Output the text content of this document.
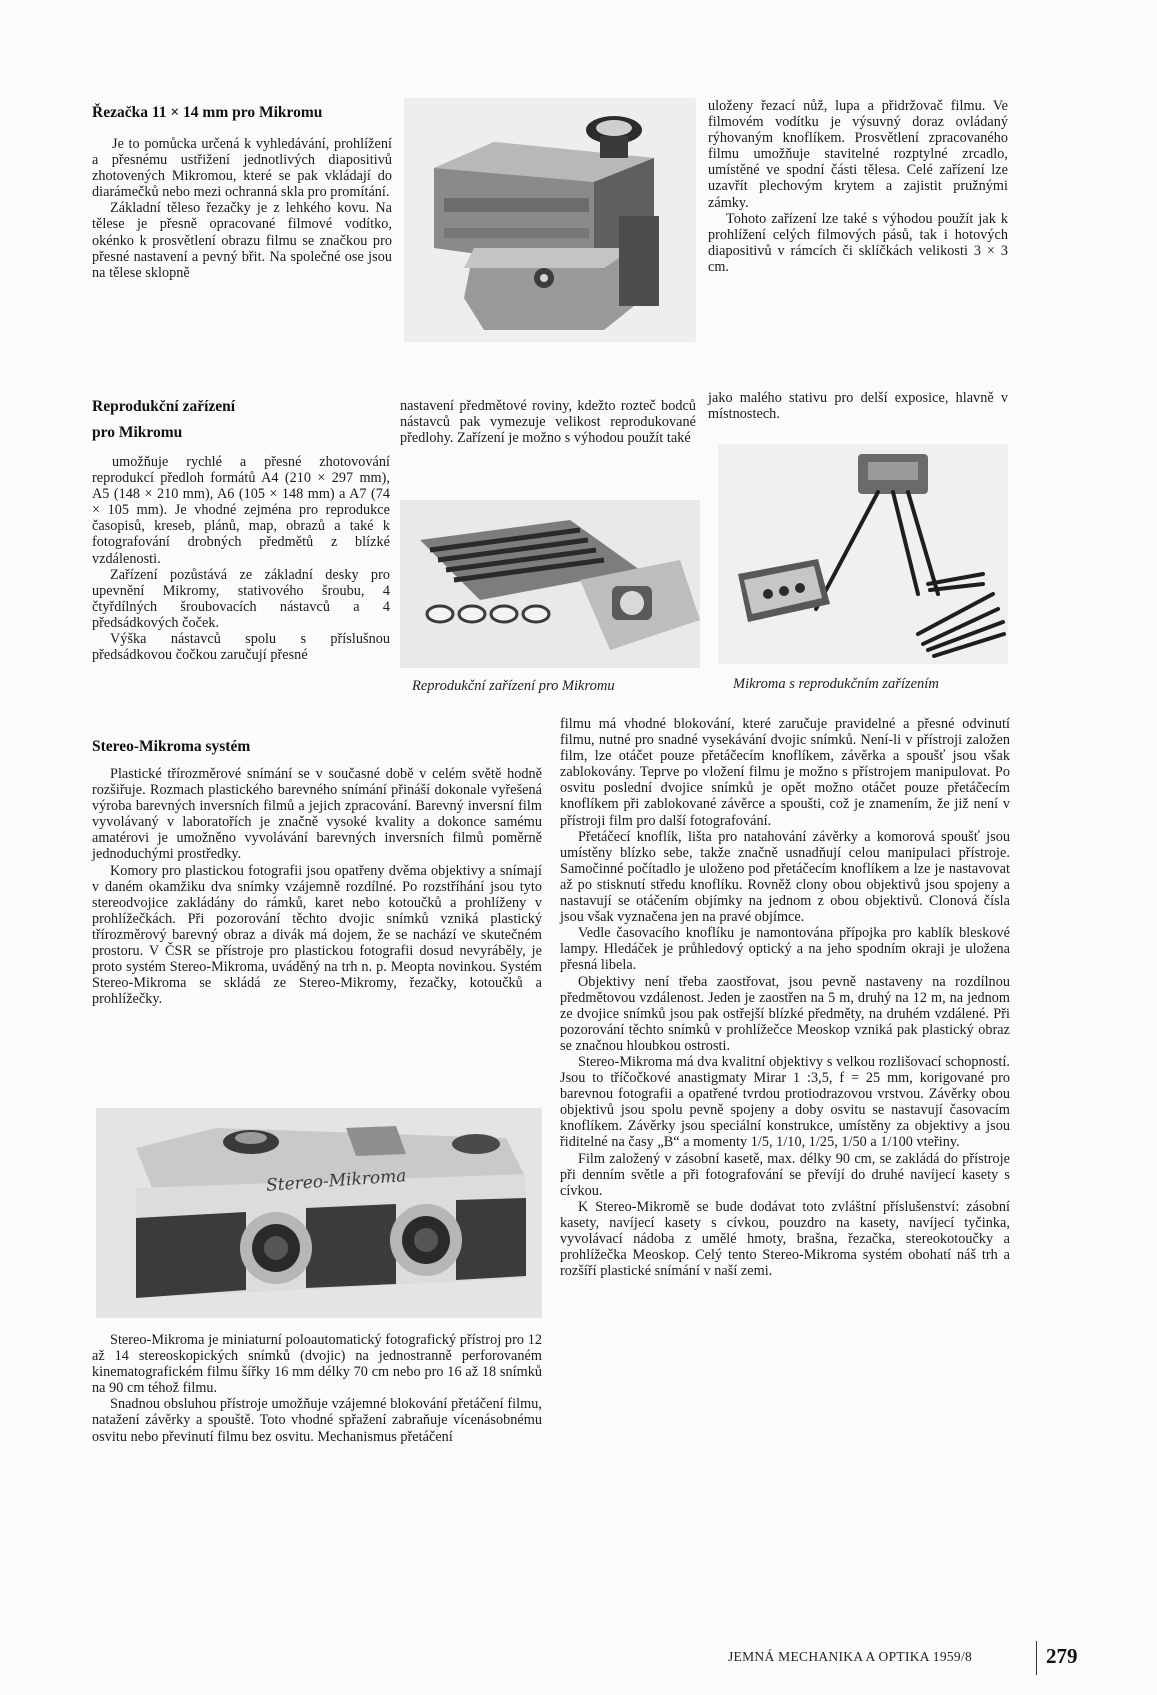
Řezačka 11 × 14 mm pro Mikromu

Je to pomůcka určená k vyhledávání, prohlížení a přesnému ustřižení jednotlivých diapositivů zhotovených Mikromou, které se pak vkládají do diarámečků nebo mezi ochranná skla pro promítání.

Základní těleso řezačky je z lehkého kovu. Na tělese je přesně opracované filmové vodítko, okénko k prosvětlení obrazu filmu se značkou pro přesné nastavení a pevný břit. Na společné ose jsou na tělese sklopně

uloženy řezací nůž, lupa a přidržovač filmu. Ve filmovém vodítku je výsuvný doraz ovládaný rýhovaným knoflíkem. Prosvětlení zpracovaného filmu umožňuje stavitelné rozptylné zrcadlo, umístěné ve spodní části tělesa. Celé zařízení lze uzavřít plechovým krytem a zajistit pružnými zámky.

Tohoto zařízení lze také s výhodou použít jak k prohlížení celých filmových pásů, tak i hotových diapositivů v rámcích či sklíčkách velikosti 3 × 3 cm.

Reprodukční zařízení
pro Mikromu

umožňuje rychlé a přesné zhotovování reprodukcí předloh formátů A4 (210 × 297 mm), A5 (148 × 210 mm), A6 (105 × 148 mm) a A7 (74 × 105 mm). Je vhodné zejména pro reprodukce časopisů, kreseb, plánů, map, obrazů a také k fotografování drobných předmětů z blízké vzdálenosti.

Zařízení pozůstává ze základní desky pro upevnění Mikromy, stativového šroubu, 4 čtyřdílných šroubovacích nástavců a 4 předsádkových čoček.

Výška nástavců spolu s příslušnou předsádkovou čočkou zaručují přesné

nastavení předmětové roviny, kdežto rozteč bodců nástavců pak vymezuje velikost reprodukované předlohy. Zařízení je možno s výhodou použít také

Reprodukční zařízení pro Mikromu

jako malého stativu pro delší exposice, hlavně v místnostech.

Mikroma s reprodukčním zařízením
Stereo-Mikroma systém

Plastické třírozměrové snímání se v současné době v celém světě hodně rozšiřuje. Rozmach plastického barevného snímání přináší dokonale vyřešená výroba barevných inversních filmů a jejich zpracování. Barevný inversní film vyvolávaný v laboratořích je značně vysoké kvality a dokonce samému amatérovi je umožněno vyvolávání barevných inversních filmů poměrně jednoduchými prostředky.

Komory pro plastickou fotografii jsou opatřeny dvěma objektivy a snímají v daném okamžiku dva snímky vzájemně rozdílné. Po rozstříhání jsou tyto stereodvojice zakládány do rámků, karet nebo kotoučků a prohlíženy v prohlížečkách. Při pozorování těchto dvojic snímků vzniká plastický třírozměrový barevný obraz a divák má dojem, že se nachází ve skutečném prostoru. V ČSR se přístroje pro plastickou fotografii dosud nevyráběly, je proto systém Stereo-Mikroma, uváděný na trh n. p. Meopta novinkou. Systém Stereo-Mikroma se skládá ze Stereo-Mikromy, řezačky, kotoučků a prohlížečky.

Stereo-Mikroma

Stereo-Mikroma je miniaturní poloautomatický fotografický přístroj pro 12 až 14 stereoskopických snímků (dvojic) na jednostranně perforovaném kinematografickém filmu šířky 16 mm délky 70 cm nebo pro 16 až 18 snímků na 90 cm téhož filmu.

Snadnou obsluhou přístroje umožňuje vzájemné blokování přetáčení filmu, natažení závěrky a spouště. Toto vhodné spřažení zabraňuje vícenásobnému osvitu nebo převinutí filmu bez osvitu. Mechanismus přetáčení

filmu má vhodné blokování, které zaručuje pravidelné a přesné odvinutí filmu, nutné pro snadné vysekávání dvojic snímků. Není-li v přístroji založen film, lze otáčet pouze přetáčecím knoflíkem, závěrka a spoušť jsou však zablokovány. Teprve po vložení filmu je možno s přístrojem manipulovat. Po osvitu poslední dvojice snímků je opět možno otáčet pouze přetáčecím knoflíkem při zablokované závěrce a spoušti, což je znamením, že již není v přístroji film pro další fotografování.

Přetáčecí knoflík, lišta pro natahování závěrky a komorová spoušť jsou umístěny blízko sebe, takže značně usnadňují celou manipulaci přístroje. Samočinné počítadlo je uloženo pod přetáčecím knoflíkem a lze je nastavovat až po stisknutí středu knoflíku. Rovněž clony obou objektivů jsou spojeny a nastavují se otáčením objímky na jednom z obou objektivů. Clonová čísla jsou však vyznačena jen na pravé objímce.

Vedle časovacího knoflíku je namontována přípojka pro kablík bleskové lampy. Hledáček je průhledový optický a na jeho spodním okraji je uložena přesná libela.

Objektivy není třeba zaostřovat, jsou pevně nastaveny na rozdílnou předmětovou vzdálenost. Jeden je zaostřen na 5 m, druhý na 12 m, na jednom ze dvojice snímků jsou pak ostřejší blízké předměty, na druhém vzdálené. Při pozorování těchto snímků v prohlížečce Meoskop vzniká pak plastický obraz se značnou hloubkou ostrosti.

Stereo-Mikroma má dva kvalitní objektivy s velkou rozlišovací schopností. Jsou to tříčočkové anastigmaty Mirar 1 :3,5, f = 25 mm, korigované pro barevnou fotografii a opatřené tvrdou protiodrazovou vrstvou. Závěrky obou objektivů jsou spolu pevně spojeny a doby osvitu se nastavují časovacím knoflíkem. Závěrky jsou speciální konstrukce, umístěny za objektivy a jsou řiditelné na časy „B“ a momenty 1/5, 1/10, 1/25, 1/50 a 1/100 vteřiny.

Film založený v zásobní kasetě, max. délky 90 cm, se zakládá do přístroje při denním světle a při fotografování se převíjí do druhé navíjecí kasety s cívkou.

K Stereo-Mikromě se bude dodávat toto zvláštní příslušenství: zásobní kasety, navíjecí kasety s cívkou, pouzdro na kasety, navíjecí tyčinka, vyvolávací nádoba z umělé hmoty, brašna, řezačka, stereokotoučky a prohlížečka Meoskop. Celý tento Stereo-Mikroma systém obohatí náš trh a rozšíří plastické snímání v naší zemi.

JEMNÁ MECHANIKA A OPTIKA 1959/8	279
